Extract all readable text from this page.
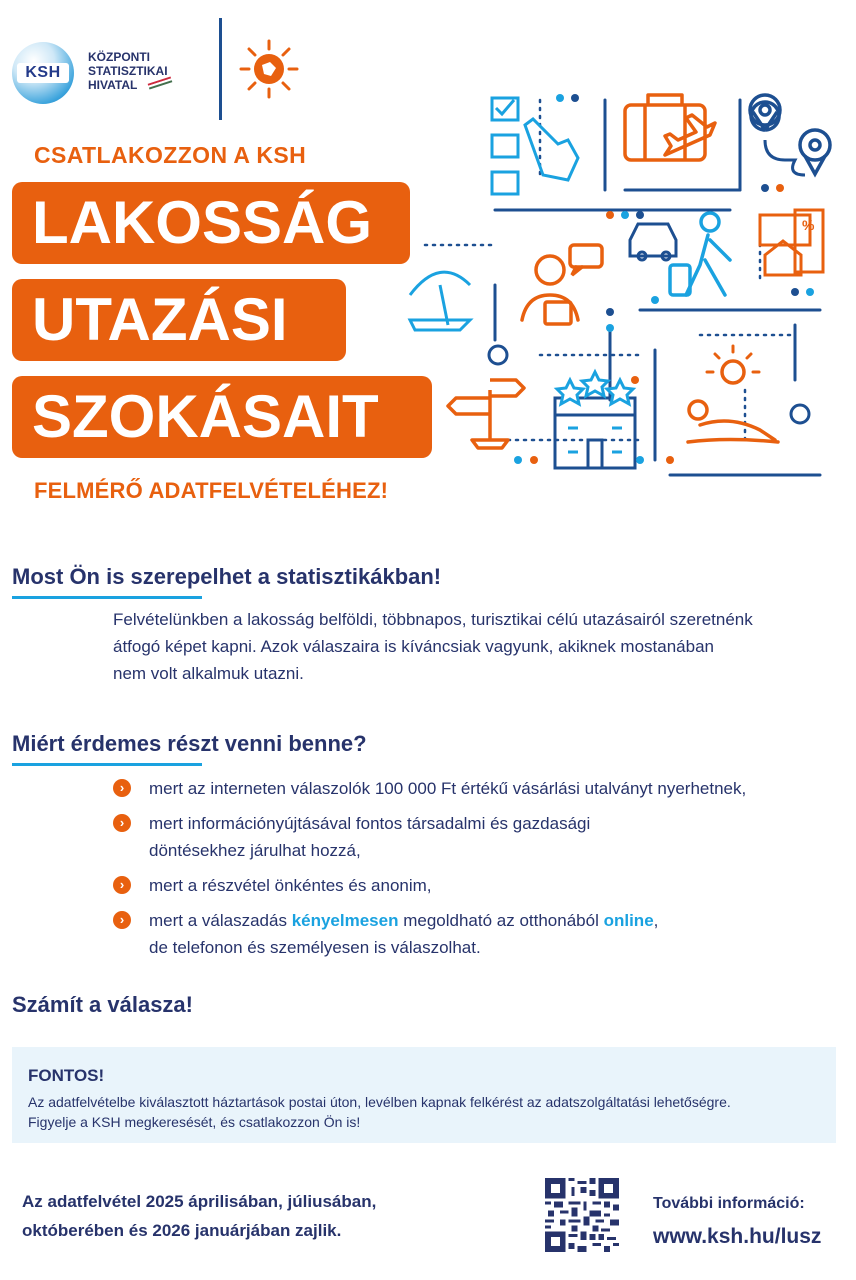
KSH
KÖZPONTI
STATISZTIKAI
HIVATAL
CSATLAKOZZON A KSH
LAKOSSÁG
UTAZÁSI
SZOKÁSAIT
FELMÉRŐ ADATFELVÉTELÉHEZ!
%
Most Ön is szerepelhet a statisztikákban!
Felvételünkben a lakosság belföldi, többnapos, turisztikai célú utazásairól szeretnénk
átfogó képet kapni. Azok válaszaira is kíváncsiak vagyunk, akiknek mostanában
nem volt alkalmuk utazni.
Miért érdemes részt venni benne?
›	mert az interneten válaszolók 100 000 Ft értékű vásárlási utalványt nyerhetnek,
›	mert információnyújtásával fontos társadalmi és gazdasági
döntésekhez járulhat hozzá,
›	mert a részvétel önkéntes és anonim,
›	mert a válaszadás kényelmesen megoldható az otthonából online,
de telefonon és személyesen is válaszolhat.
Számít a válasza!
FONTOS!
Az adatfelvételbe kiválasztott háztartások postai úton, levélben kapnak felkérést az adatszolgáltatási lehetőségre.
Figyelje a KSH megkeresését, és csatlakozzon Ön is!
Az adatfelvétel 2025 áprilisában, júliusában,
októberében és 2026 januárjában zajlik.
További információ:
www.ksh.hu/lusz
